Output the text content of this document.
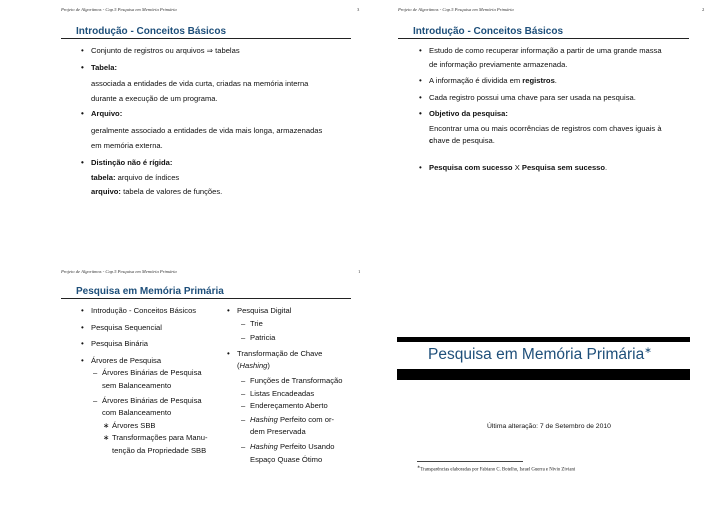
Projeto de Algoritmos - Cap.5 Pesquisa em Memória Primária	3
Introdução - Conceitos Básicos
• Conjunto de registros ou arquivos ⇒ tabelas
• Tabela:
associada a entidades de vida curta, criadas na memória interna
durante a execução de um programa.
• Arquivo:
geralmente associado a entidades de vida mais longa, armazenadas
em memória externa.
• Distinção não é rígida:
tabela: arquivo de índices
arquivo: tabela de valores de funções.
Projeto de Algoritmos - Cap.5 Pesquisa em Memória Primária	2
Introdução - Conceitos Básicos
• Estudo de como recuperar informação a partir de uma grande massa
de informação previamente armazenada.
• A informação é dividida em registros.
• Cada registro possui uma chave para ser usada na pesquisa.
• Objetivo da pesquisa:
Encontrar uma ou mais ocorrências de registros com chaves iguais à
chave de pesquisa.
• Pesquisa com sucesso X Pesquisa sem sucesso.
Projeto de Algoritmos - Cap.5 Pesquisa em Memória Primária	1
Pesquisa em Memória Primária
• Introdução - Conceitos Básicos
• Pesquisa Sequencial
• Pesquisa Binária
• Árvores de Pesquisa
– Árvores Binárias de Pesquisa
sem Balanceamento
– Árvores Binárias de Pesquisa
com Balanceamento
∗ Árvores SBB
∗ Transformações para Manu-
tenção da Propriedade SBB
• Pesquisa Digital
– Trie
– Patricia
• Transformação de Chave
(Hashing)
– Funções de Transformação
– Listas Encadeadas
– Endereçamento Aberto
– Hashing Perfeito com or-
dem Preservada
– Hashing Perfeito Usando
Espaço Quase Ótimo
Pesquisa em Memória Primária∗
Última alteração: 7 de Setembro de 2010
∗Transparências elaboradas por Fabiano C. Botelho, Israel Guerra e Nivio Ziviani
